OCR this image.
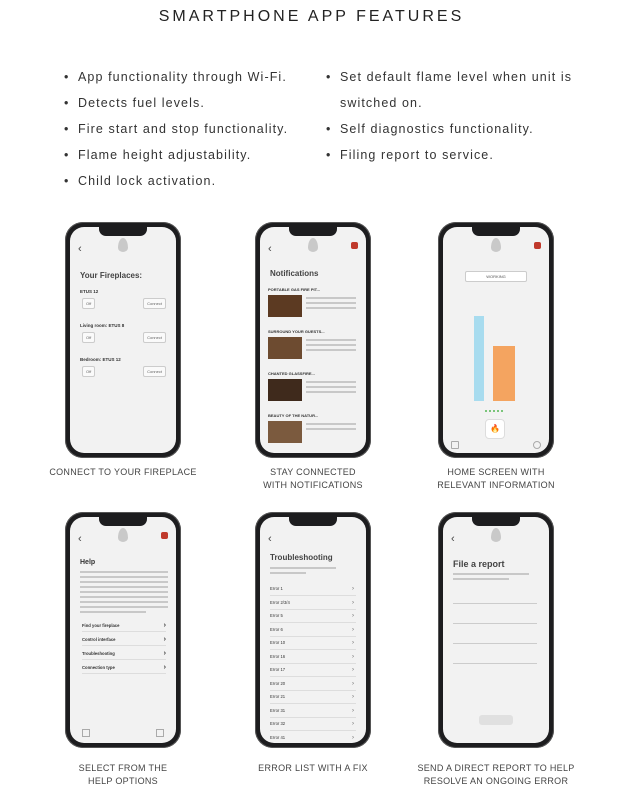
SMARTPHONE APP FEATURES
• App functionality through Wi-Fi.
• Detects fuel levels.
• Fire start and stop functionality.
• Flame height adjustability.
• Child lock activation.
• Set default flame level when unit is
switched on.
• Self diagnostics functionality.
• Filing report to service.
‹
Your Fireplaces:
ETUS 12
Off	Connect
Living room: ETUS 8
Off	Connect
Bedroom: ETUS 12
Off	Connect
CONNECT TO YOUR FIREPLACE
‹
Notifications
PORTABLE GAS FIRE PIT...
SURROUND YOUR GUESTS...
CHANTED GLASSFIRE...
BEAUTY OF THE NATUR...
STAY CONNECTED
WITH NOTIFICATIONS
WORKING
🔥
HOME SCREEN WITH
RELEVANT INFORMATION
‹
Help
Find your fireplace	›
Control interface	›
Troubleshooting	›
Connection type	›
SELECT FROM THE
HELP OPTIONS
‹
Troubleshooting
Error 1	›
Error 2/3/4	›
Error 5	›
Error 6	›
Error 10	›
Error 16	›
Error 17	›
Error 20	›
Error 21	›
Error 31	›
Error 32	›
Error 41	›
ERROR LIST WITH A FIX
‹
File a report
SEND A DIRECT REPORT TO HELP
RESOLVE AN ONGOING ERROR
